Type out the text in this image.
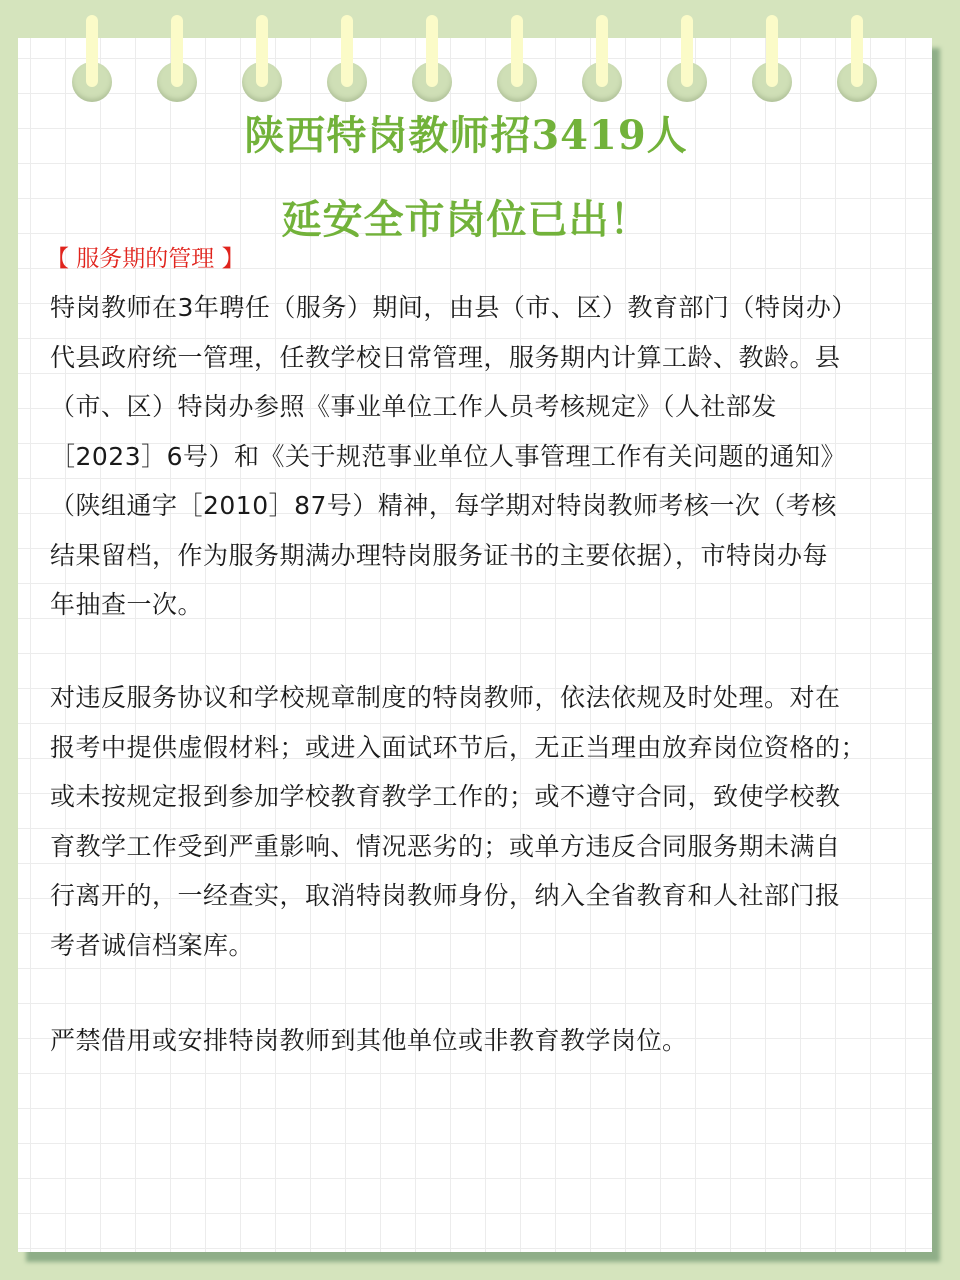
陕西特岗教师招3419人
延安全市岗位已出！
【 服务期的管理 】
特岗教师在3年聘任（服务）期间，由县（市、区）教育部门（特岗办）
代县政府统一管理，任教学校日常管理，服务期内计算工龄、教龄。县
（市、区）特岗办参照《事业单位工作人员考核规定》（人社部发
［2023］6号）和《关于规范事业单位人事管理工作有关问题的通知》
（陕组通字［2010］87号）精神，每学期对特岗教师考核一次（考核
结果留档，作为服务期满办理特岗服务证书的主要依据），市特岗办每
年抽查一次。
对违反服务协议和学校规章制度的特岗教师，依法依规及时处理。对在
报考中提供虚假材料；或进入面试环节后，无正当理由放弃岗位资格的；
或未按规定报到参加学校教育教学工作的；或不遵守合同，致使学校教
育教学工作受到严重影响、情况恶劣的；或单方违反合同服务期未满自
行离开的，一经查实，取消特岗教师身份，纳入全省教育和人社部门报
考者诚信档案库。
严禁借用或安排特岗教师到其他单位或非教育教学岗位。
